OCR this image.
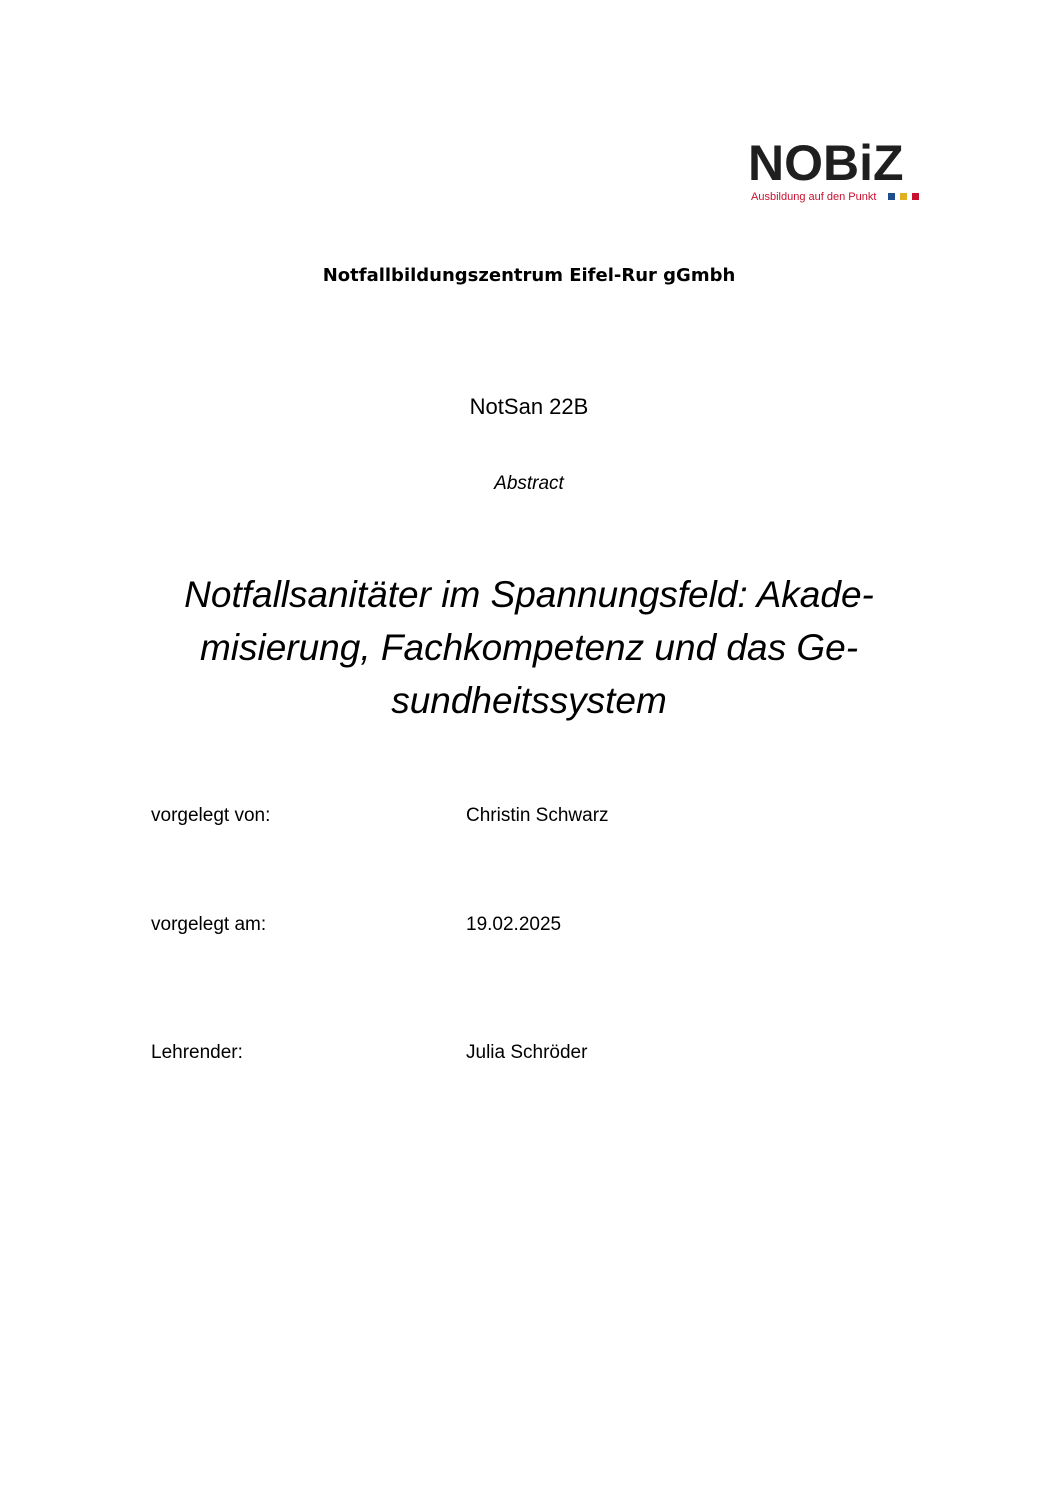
NOBiZ
Ausbildung auf den Punkt
Notfallbildungszentrum Eifel-Rur gGmbh
NotSan 22B
Abstract
Notfallsanitäter im Spannungsfeld: Akade-
misierung, Fachkompetenz und das Ge-
sundheitssystem
vorgelegt von:	Christin Schwarz
vorgelegt am:	19.02.2025
Lehrender:	Julia Schröder
